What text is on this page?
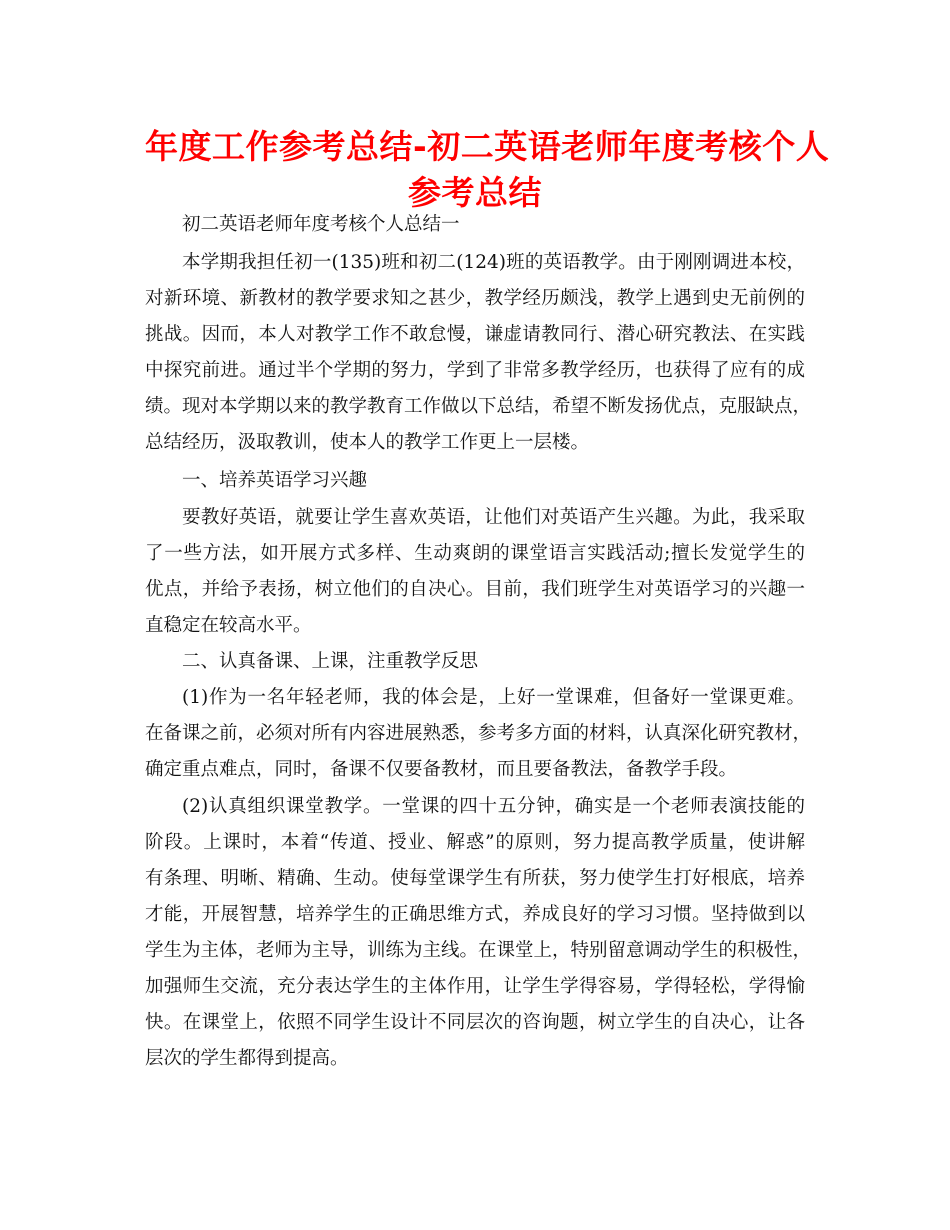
年度工作参考总结-初二英语老师年度考核个人
参考总结
初二英语老师年度考核个人总结一
本学期我担任初一(135)班和初二(124)班的英语教学。由于刚刚调进本校，
对新环境、新教材的教学要求知之甚少，教学经历颇浅，教学上遇到史无前例的
挑战。因而，本人对教学工作不敢怠慢，谦虚请教同行、潜心研究教法、在实践
中探究前进。通过半个学期的努力，学到了非常多教学经历，也获得了应有的成
绩。现对本学期以来的教学教育工作做以下总结，希望不断发扬优点，克服缺点，
总结经历，汲取教训，使本人的教学工作更上一层楼。
一、培养英语学习兴趣
要教好英语，就要让学生喜欢英语，让他们对英语产生兴趣。为此，我采取
了一些方法，如开展方式多样、生动爽朗的课堂语言实践活动;擅长发觉学生的
优点，并给予表扬，树立他们的自决心。目前，我们班学生对英语学习的兴趣一
直稳定在较高水平。
二、认真备课、上课，注重教学反思
(1)作为一名年轻老师，我的体会是，上好一堂课难，但备好一堂课更难。
在备课之前，必须对所有内容进展熟悉，参考多方面的材料，认真深化研究教材，
确定重点难点，同时，备课不仅要备教材，而且要备教法，备教学手段。
(2)认真组织课堂教学。一堂课的四十五分钟，确实是一个老师表演技能的
阶段。上课时，本着“传道、授业、解惑”的原则，努力提高教学质量，使讲解
有条理、明晰、精确、生动。使每堂课学生有所获，努力使学生打好根底，培养
才能，开展智慧，培养学生的正确思维方式，养成良好的学习习惯。坚持做到以
学生为主体，老师为主导，训练为主线。在课堂上，特别留意调动学生的积极性，
加强师生交流，充分表达学生的主体作用，让学生学得容易，学得轻松，学得愉
快。在课堂上，依照不同学生设计不同层次的咨询题，树立学生的自决心，让各
层次的学生都得到提高。
